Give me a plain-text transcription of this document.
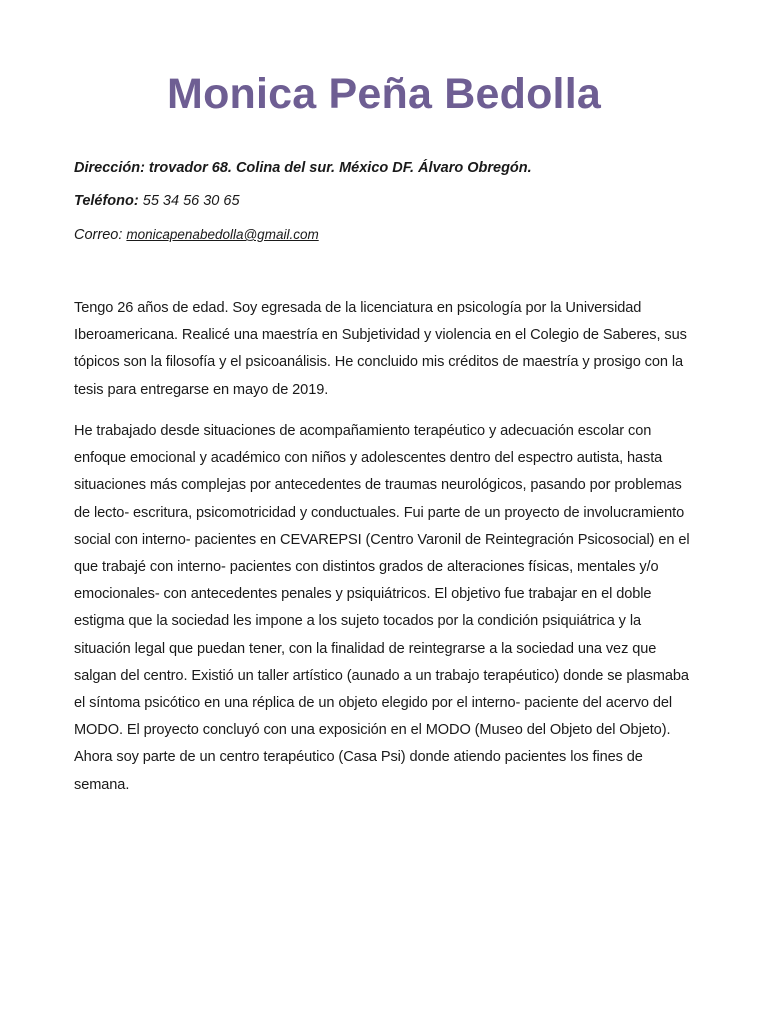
Monica Peña Bedolla

Dirección: trovador 68. Colina del sur. México DF. Álvaro Obregón.

Teléfono: 55 34 56 30 65

Correo: monicapenabedolla@gmail.com

Tengo 26 años de edad. Soy egresada de la licenciatura en psicología por la Universidad Iberoamericana. Realicé una maestría en Subjetividad y violencia en el Colegio de Saberes, sus tópicos son la filosofía y el psicoanálisis. He concluido mis créditos de maestría y prosigo con la tesis para entregarse en mayo de 2019.

He trabajado desde situaciones de acompañamiento terapéutico y adecuación escolar con enfoque emocional y académico con niños y adolescentes dentro del espectro autista, hasta situaciones más complejas por antecedentes de traumas neurológicos, pasando por problemas de lecto- escritura, psicomotricidad y conductuales. Fui parte de un proyecto de involucramiento social con interno- pacientes en CEVAREPSI (Centro Varonil de Reintegración Psicosocial) en el que trabajé con interno- pacientes con distintos grados de alteraciones físicas, mentales y/o emocionales- con antecedentes penales y psiquiátricos. El objetivo fue trabajar en el doble estigma que la sociedad les impone a los sujeto tocados por la condición psiquiátrica y la situación legal que puedan tener, con la finalidad de reintegrarse a la sociedad una vez que salgan del centro. Existió un taller artístico (aunado a un trabajo terapéutico) donde se plasmaba el síntoma psicótico en una réplica de un objeto elegido por el interno- paciente del acervo del MODO. El proyecto concluyó con una exposición en el MODO (Museo del Objeto del Objeto). Ahora soy parte de un centro terapéutico (Casa Psi) donde atiendo pacientes los fines de semana.
